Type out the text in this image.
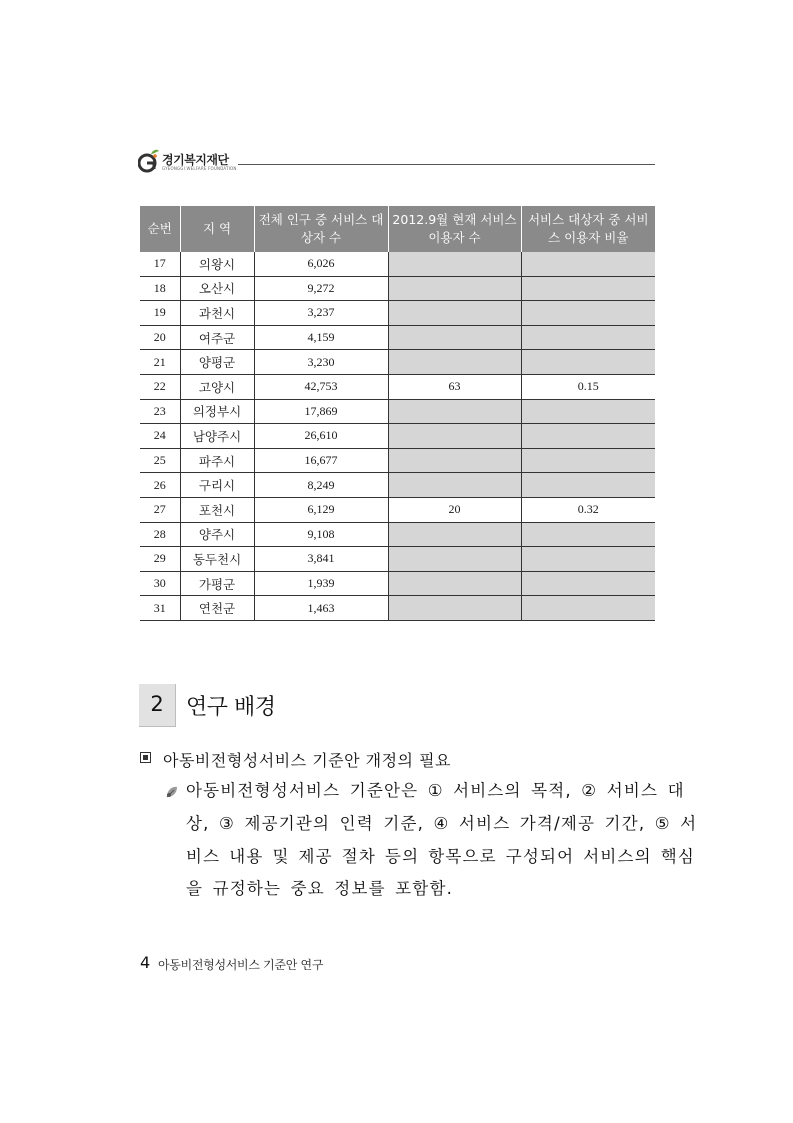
경기복지재단
GYEONGGI WELFARE FOUNDATION
순번	지 역	전체 인구 중 서비스 대상자 수	2012.9월 현재 서비스 이용자 수	서비스 대상자 중 서비스 이용자 비율
17	의왕시	6,026		
18	오산시	9,272		
19	과천시	3,237		
20	여주군	4,159		
21	양평군	3,230		
22	고양시	42,753	63	0.15
23	의정부시	17,869		
24	남양주시	26,610		
25	파주시	16,677		
26	구리시	8,249		
27	포천시	6,129	20	0.32
28	양주시	9,108		
29	동두천시	3,841		
30	가평군	1,939		
31	연천군	1,463		
2	연구 배경
아동비전형성서비스 기준안 개정의 필요
아동비전형성서비스 기준안은 ① 서비스의 목적, ② 서비스 대
상, ③ 제공기관의 인력 기준, ④ 서비스 가격/제공 기간, ⑤ 서
비스 내용 및 제공 절차 등의 항목으로 구성되어 서비스의 핵심
을 규정하는 중요 정보를 포함함.
4 아동비전형성서비스 기준안 연구
